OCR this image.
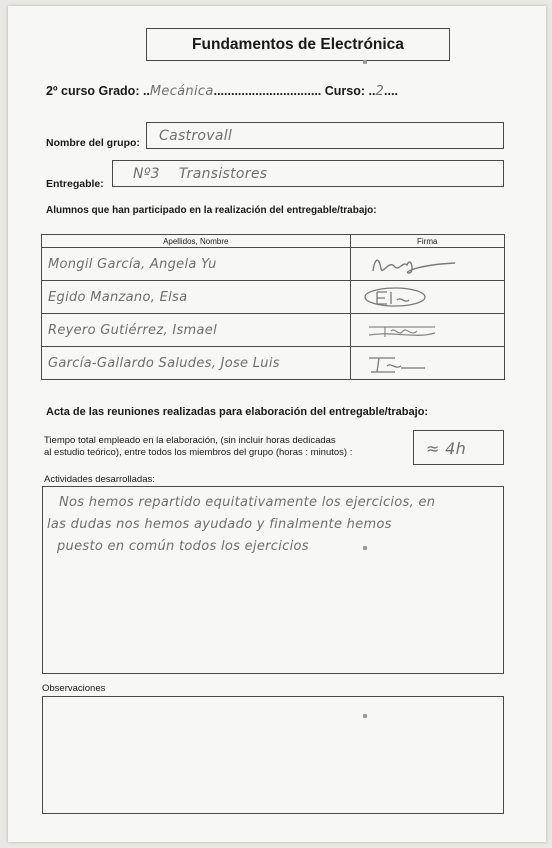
Fundamentos de Electrónica
2º curso Grado: ..Mecánica............................... Curso: ..2....
Nombre del grupo: Castrovall
Entregable:
Nº3    Transistores
Alumnos que han participado en la realización del entregable/trabajo:
Apellidos, Nombre	Firma
Mongil García, Angela Yu	

Egido Manzano, Elsa	

Reyero Gutiérrez, Ismael	

García-Gallardo Saludes, Jose Luis	
Acta de las reuniones realizadas para elaboración del entregable/trabajo:
Tiempo total empleado en la elaboración, (sin incluir horas dedicadas
al estudio teórico), entre todos los miembros del grupo (horas : minutos) :	≈ 4h
Actividades desarrolladas:
Nos hemos repartido equitativamente los ejercicios, en
las dudas nos hemos ayudado y finalmente hemos
puesto en común todos los ejercicios
Observaciones
